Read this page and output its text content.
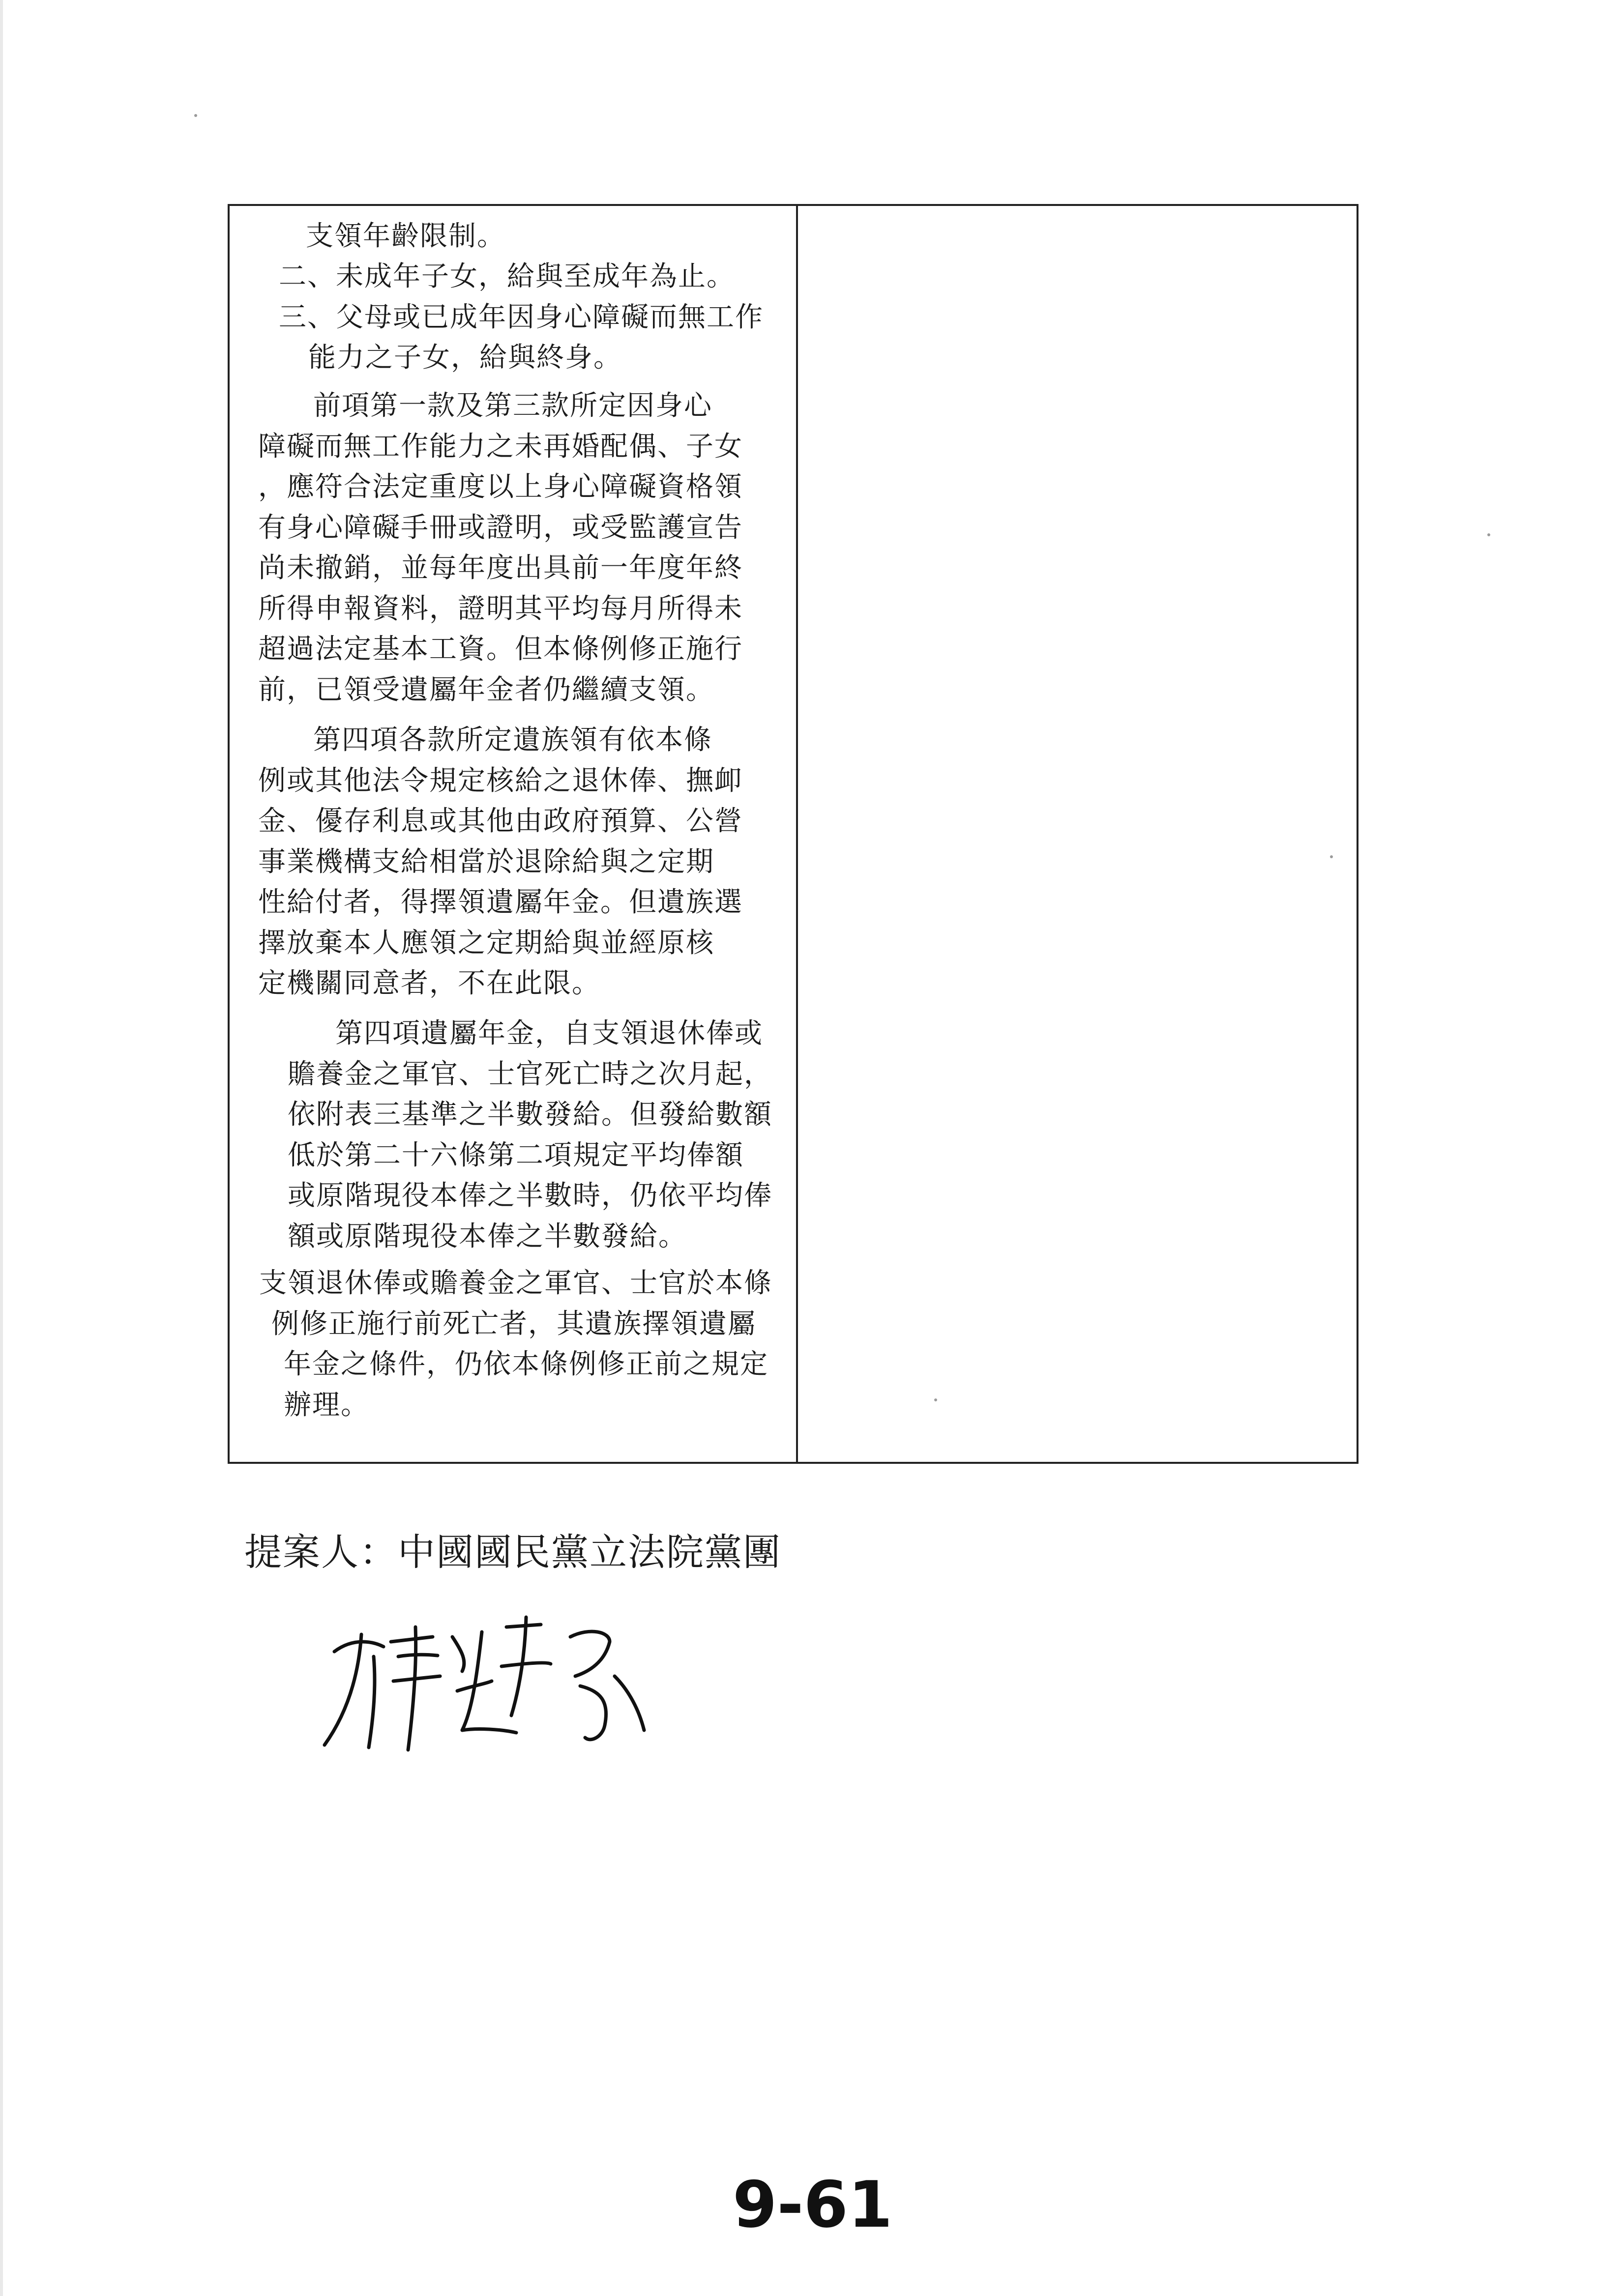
支領年齡限制。
二、未成年子女，給與至成年為止。
三、父母或已成年因身心障礙而無工作
能力之子女，給與終身。
前項第一款及第三款所定因身心
障礙而無工作能力之未再婚配偶、子女
，應符合法定重度以上身心障礙資格領
有身心障礙手冊或證明，或受監護宣告
尚未撤銷，並每年度出具前一年度年終
所得申報資料，證明其平均每月所得未
超過法定基本工資。但本條例修正施行
前，已領受遺屬年金者仍繼續支領。
第四項各款所定遺族領有依本條
例或其他法令規定核給之退休俸、撫卹
金、優存利息或其他由政府預算、公營
事業機構支給相當於退除給與之定期
性給付者，得擇領遺屬年金。但遺族選
擇放棄本人應領之定期給與並經原核
定機關同意者，不在此限。
第四項遺屬年金，自支領退休俸或
贍養金之軍官、士官死亡時之次月起，
依附表三基準之半數發給。但發給數額
低於第二十六條第二項規定平均俸額
或原階現役本俸之半數時，仍依平均俸
額或原階現役本俸之半數發給。
支領退休俸或贍養金之軍官、士官於本條
例修正施行前死亡者，其遺族擇領遺屬
年金之條件，仍依本條例修正前之規定
辦理。
提案人：中國國民黨立法院黨團
9-61
